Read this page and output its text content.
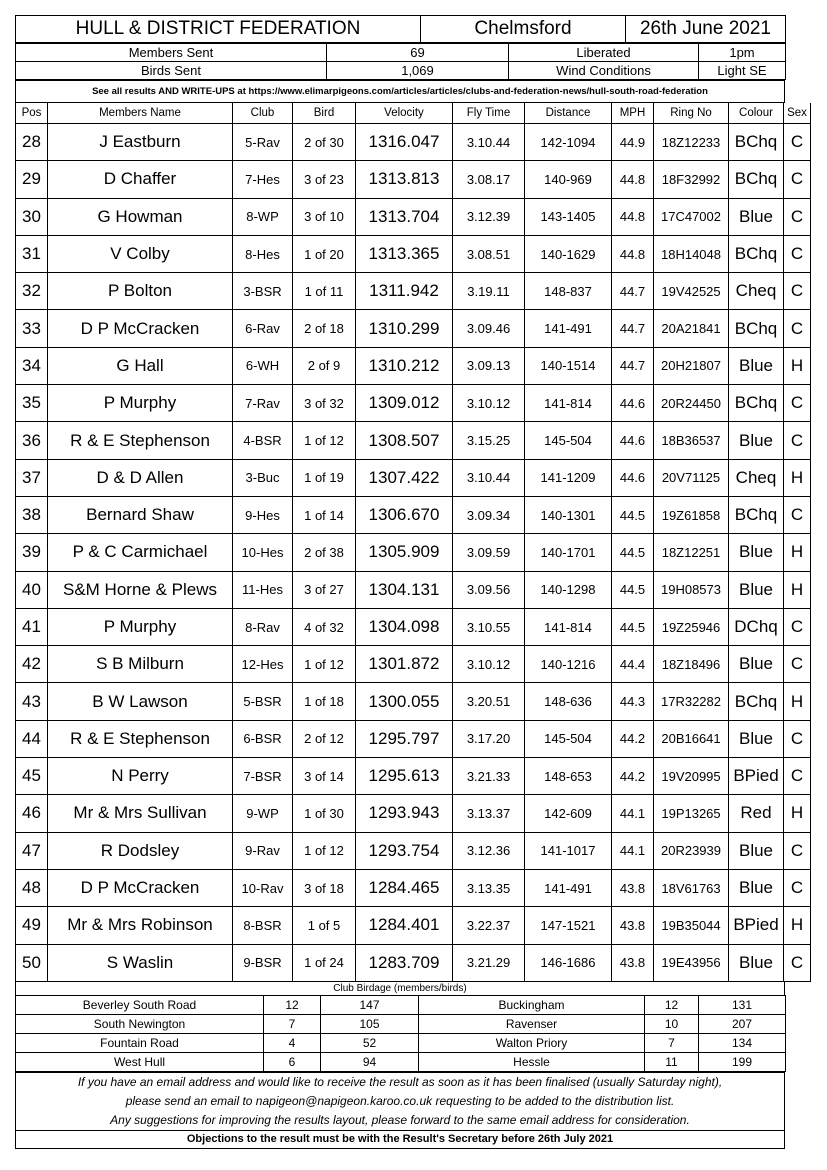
HULL & DISTRICT FEDERATION	Chelmsford	26th June 2021
Members Sent	69	Liberated	1pm
Birds Sent	1,069	Wind Conditions	Light SE
See all results AND WRITE-UPS at https://www.elimarpigeons.com/articles/articles/clubs-and-federation-news/hull-south-road-federation
Pos	Members Name	Club	Bird	Velocity	Fly Time	Distance	MPH	Ring No	Colour	Sex
28	J Eastburn	5-Rav	2 of 30	1316.047	3.10.44	142-1094	44.9	18Z12233	BChq	C
29	D Chaffer	7-Hes	3 of 23	1313.813	3.08.17	140-969	44.8	18F32992	BChq	C
30	G Howman	8-WP	3 of 10	1313.704	3.12.39	143-1405	44.8	17C47002	Blue	C
31	V Colby	8-Hes	1 of 20	1313.365	3.08.51	140-1629	44.8	18H14048	BChq	C
32	P Bolton	3-BSR	1 of 11	1311.942	3.19.11	148-837	44.7	19V42525	Cheq	C
33	D P McCracken	6-Rav	2 of 18	1310.299	3.09.46	141-491	44.7	20A21841	BChq	C
34	G Hall	6-WH	2 of 9	1310.212	3.09.13	140-1514	44.7	20H21807	Blue	H
35	P Murphy	7-Rav	3 of 32	1309.012	3.10.12	141-814	44.6	20R24450	BChq	C
36	R & E Stephenson	4-BSR	1 of 12	1308.507	3.15.25	145-504	44.6	18B36537	Blue	C
37	D & D Allen	3-Buc	1 of 19	1307.422	3.10.44	141-1209	44.6	20V71125	Cheq	H
38	Bernard Shaw	9-Hes	1 of 14	1306.670	3.09.34	140-1301	44.5	19Z61858	BChq	C
39	P & C Carmichael	10-Hes	2 of 38	1305.909	3.09.59	140-1701	44.5	18Z12251	Blue	H
40	S&M Horne & Plews	11-Hes	3 of 27	1304.131	3.09.56	140-1298	44.5	19H08573	Blue	H
41	P Murphy	8-Rav	4 of 32	1304.098	3.10.55	141-814	44.5	19Z25946	DChq	C
42	S B Milburn	12-Hes	1 of 12	1301.872	3.10.12	140-1216	44.4	18Z18496	Blue	C
43	B W Lawson	5-BSR	1 of 18	1300.055	3.20.51	148-636	44.3	17R32282	BChq	H
44	R & E Stephenson	6-BSR	2 of 12	1295.797	3.17.20	145-504	44.2	20B16641	Blue	C
45	N Perry	7-BSR	3 of 14	1295.613	3.21.33	148-653	44.2	19V20995	BPied	C
46	Mr & Mrs Sullivan	9-WP	1 of 30	1293.943	3.13.37	142-609	44.1	19P13265	Red	H
47	R Dodsley	9-Rav	1 of 12	1293.754	3.12.36	141-1017	44.1	20R23939	Blue	C
48	D P McCracken	10-Rav	3 of 18	1284.465	3.13.35	141-491	43.8	18V61763	Blue	C
49	Mr & Mrs Robinson	8-BSR	1 of 5	1284.401	3.22.37	147-1521	43.8	19B35044	BPied	H
50	S Waslin	9-BSR	1 of 24	1283.709	3.21.29	146-1686	43.8	19E43956	Blue	C
Club Birdage (members/birds)
Beverley South Road	12	147	Buckingham	12	131
South Newington	7	105	Ravenser	10	207
Fountain Road	4	52	Walton Priory	7	134
West Hull	6	94	Hessle	11	199
If you have an email address and would like to receive the result as soon as it has been finalised (usually Saturday night),
please send an email to napigeon@napigeon.karoo.co.uk requesting to be added to the distribution list.
Any suggestions for improving the results layout, please forward to the same email address for consideration.

Objections to the result must be with the Result's Secretary before 26th July 2021
